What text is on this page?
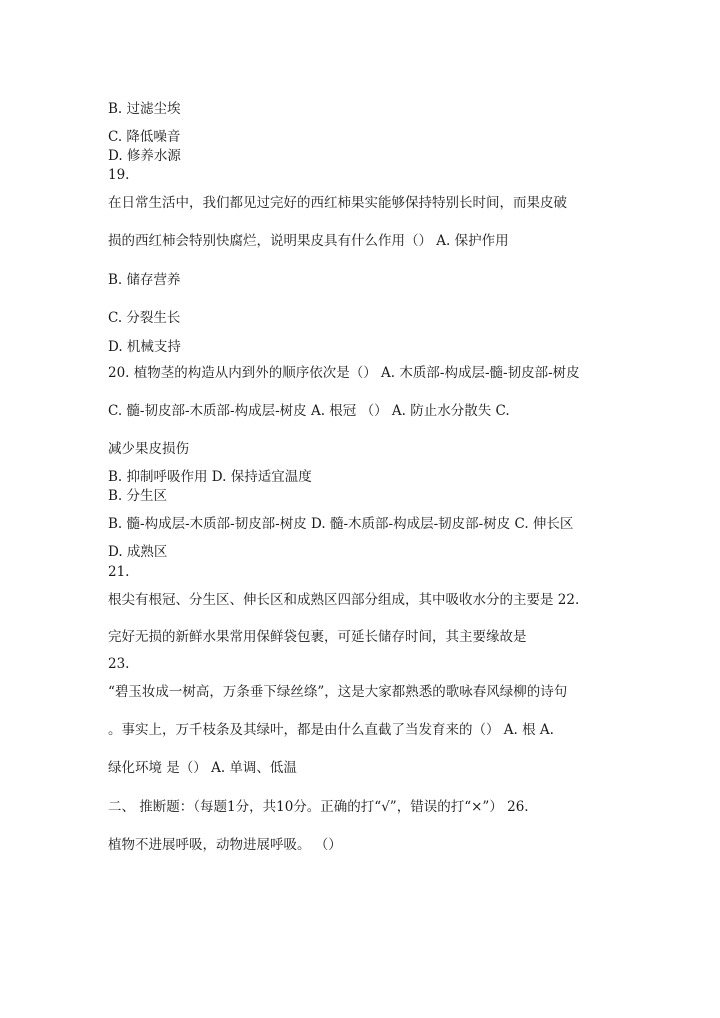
B. 过滤尘埃
C. 降低噪音
D. 修养水源
19.
在日常生活中，我们都见过完好的西红柿果实能够保持特别长时间，而果皮破
损的西红柿会特别快腐烂，说明果皮具有什么作用（） A. 保护作用
B. 储存营养
C. 分裂生长
D. 机械支持
20. 植物茎的构造从内到外的顺序依次是（） A. 木质部-构成层-髓-韧皮部-树皮
C. 髓-韧皮部-木质部-构成层-树皮 A. 根冠 （） A. 防止水分散失 C.
减少果皮损伤
B. 抑制呼吸作用 D. 保持适宜温度
B. 分生区
B. 髓-构成层-木质部-韧皮部-树皮 D. 髓-木质部-构成层-韧皮部-树皮 C. 伸长区
D. 成熟区
21.
根尖有根冠、分生区、伸长区和成熟区四部分组成，其中吸收水分的主要是 22.
完好无损的新鲜水果常用保鲜袋包裹，可延长储存时间，其主要缘故是
23.
“碧玉妆成一树高，万条垂下绿丝绦”，这是大家都熟悉的歌咏春风绿柳的诗句
。事实上，万千枝条及其绿叶，都是由什么直截了当发育来的（） A. 根 A.
绿化环境 是（） A. 单调、低温
二、 推断题：（每题1分，共10分。正确的打“√”，错误的打“×”） 26.
植物不进展呼吸，动物进展呼吸。 （）
